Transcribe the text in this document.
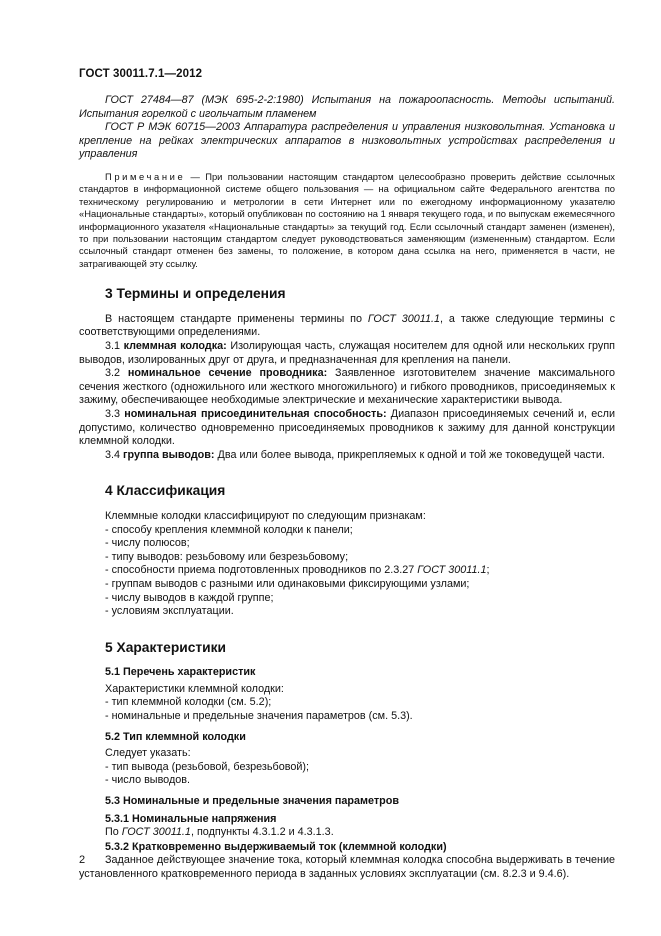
ГОСТ 30011.7.1—2012

ГОСТ 27484—87 (МЭК 695-2-2:1980) Испытания на пожароопасность. Методы испытаний. Испытания горелкой с игольчатым пламенем

ГОСТ Р МЭК 60715—2003 Аппаратура распределения и управления низковольтная. Установка и крепление на рейках электрических аппаратов в низковольтных устройствах распределения и управления

Примечание — При пользовании настоящим стандартом целесообразно проверить действие ссылочных стандартов в информационной системе общего пользования — на официальном сайте Федерального агентства по техническому регулированию и метрологии в сети Интернет или по ежегодному информационному указателю «Национальные стандарты», который опубликован по состоянию на 1 января текущего года, и по выпускам ежемесячного информационного указателя «Национальные стандарты» за текущий год. Если ссылочный стандарт заменен (изменен), то при пользовании настоящим стандартом следует руководствоваться заменяющим (измененным) стандартом. Если ссылочный стандарт отменен без замены, то положение, в котором дана ссылка на него, применяется в части, не затрагивающей эту ссылку.

3 Термины и определения

В настоящем стандарте применены термины по ГОСТ 30011.1, а также следующие термины с соответствующими определениями.

3.1 клеммная колодка: Изолирующая часть, служащая носителем для одной или нескольких групп выводов, изолированных друг от друга, и предназначенная для крепления на панели.

3.2 номинальное сечение проводника: Заявленное изготовителем значение максимального сечения жесткого (одножильного или жесткого многожильного) и гибкого проводников, присоединяемых к зажиму, обеспечивающее необходимые электрические и механические характеристики вывода.

3.3 номинальная присоединительная способность: Диапазон присоединяемых сечений и, если допустимо, количество одновременно присоединяемых проводников к зажиму для данной конструкции клеммной колодки.

3.4 группа выводов: Два или более вывода, прикрепляемых к одной и той же токоведущей части.

4 Классификация

Клеммные колодки классифицируют по следующим признакам:

- способу крепления клеммной колодки к панели;

- числу полюсов;

- типу выводов: резьбовому или безрезьбовому;

- способности приема подготовленных проводников по 2.3.27 ГОСТ 30011.1;

- группам выводов с разными или одинаковыми фиксирующими узлами;

- числу выводов в каждой группе;

- условиям эксплуатации.

5 Характеристики
5.1 Перечень характеристик

Характеристики клеммной колодки:

- тип клеммной колодки (см. 5.2);

- номинальные и предельные значения параметров (см. 5.3).

5.2 Тип клеммной колодки

Следует указать:

- тип вывода (резьбовой, безрезьбовой);

- число выводов.

5.3 Номинальные и предельные значения параметров
5.3.1 Номинальные напряжения

По ГОСТ 30011.1, подпункты 4.3.1.2 и 4.3.1.3.

5.3.2 Кратковременно выдерживаемый ток (клеммной колодки)

Заданное действующее значение тока, который клеммная колодка способна выдерживать в течение установленного кратковременного периода в заданных условиях эксплуатации (см. 8.2.3 и 9.4.6).

2
